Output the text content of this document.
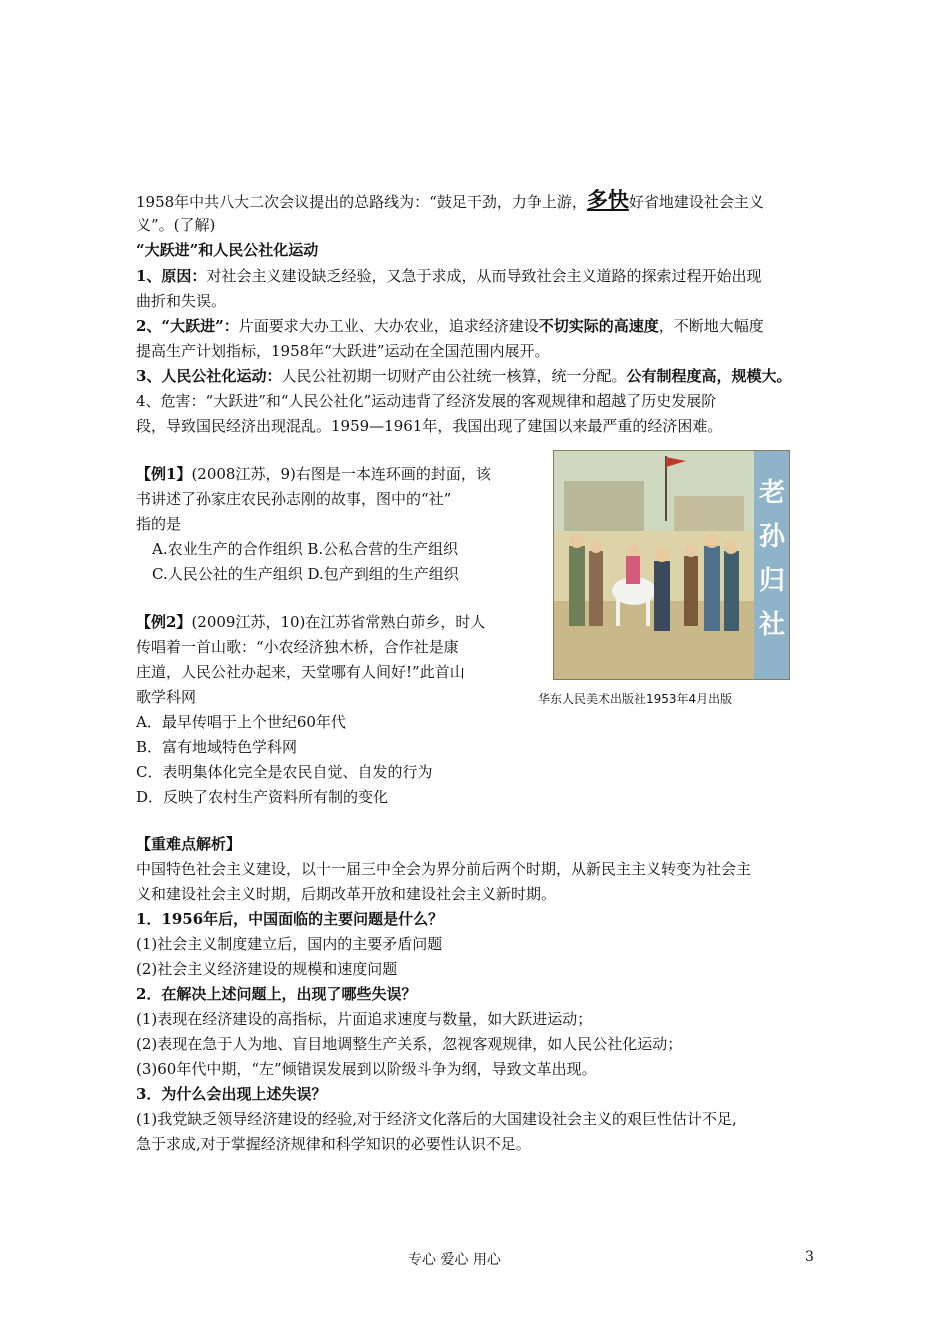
1958年中共八大二次会议提出的总路线为：“鼓足干劲，力争上游，多快好省地建设社会主义
义”。(了解)
“大跃进”和人民公社化运动
1、原因：对社会主义建设缺乏经验，又急于求成，从而导致社会主义道路的探索过程开始出现
曲折和失误。
2、“大跃进”：片面要求大办工业、大办农业，追求经济建设不切实际的高速度，不断地大幅度
提高生产计划指标，1958年“大跃进”运动在全国范围内展开。
3、人民公社化运动：人民公社初期一切财产由公社统一核算，统一分配。公有制程度高，规模大。
4、危害：“大跃进”和“人民公社化”运动违背了经济发展的客观规律和超越了历史发展阶
段，导致国民经济出现混乱。1959—1961年，我国出现了建国以来最严重的经济困难。
【例1】(2008江苏，9)右图是一本连环画的封面，该
书讲述了孙家庄农民孙志刚的故事，图中的“社”
指的是
A.农业生产的合作组织 B.公私合营的生产组织
C.人民公社的生产组织 D.包产到组的生产组织
【例2】(2009江苏，10)在江苏省常熟白茆乡，时人
传唱着一首山歌：“小农经济独木桥，合作社是康
庄道，人民公社办起来，天堂哪有人间好!”此首山
歌学科网
A．最早传唱于上个世纪60年代
B．富有地域特色学科网
C．表明集体化完全是农民自觉、自发的行为
D．反映了农村生产资料所有制的变化
【重难点解析】
中国特色社会主义建设，以十一届三中全会为界分前后两个时期，从新民主主义转变为社会主
义和建设社会主义时期，后期改革开放和建设社会主义新时期。
1．1956年后，中国面临的主要问题是什么？
(1)社会主义制度建立后，国内的主要矛盾问题
(2)社会主义经济建设的规模和速度问题
2．在解决上述问题上，出现了哪些失误？
(1)表现在经济建设的高指标，片面追求速度与数量，如大跃进运动；
(2)表现在急于人为地、盲目地调整生产关系，忽视客观规律，如人民公社化运动；
(3)60年代中期，“左”倾错误发展到以阶级斗争为纲，导致文革出现。
3．为什么会出现上述失误？
(1)我党缺乏领导经济建设的经验,对于经济文化落后的大国建设社会主义的艰巨性估计不足,
急于求成,对于掌握经济规律和科学知识的必要性认识不足。
老孙归社
华东人民美术出版社1953年4月出版
专心 爱心 用心	3
